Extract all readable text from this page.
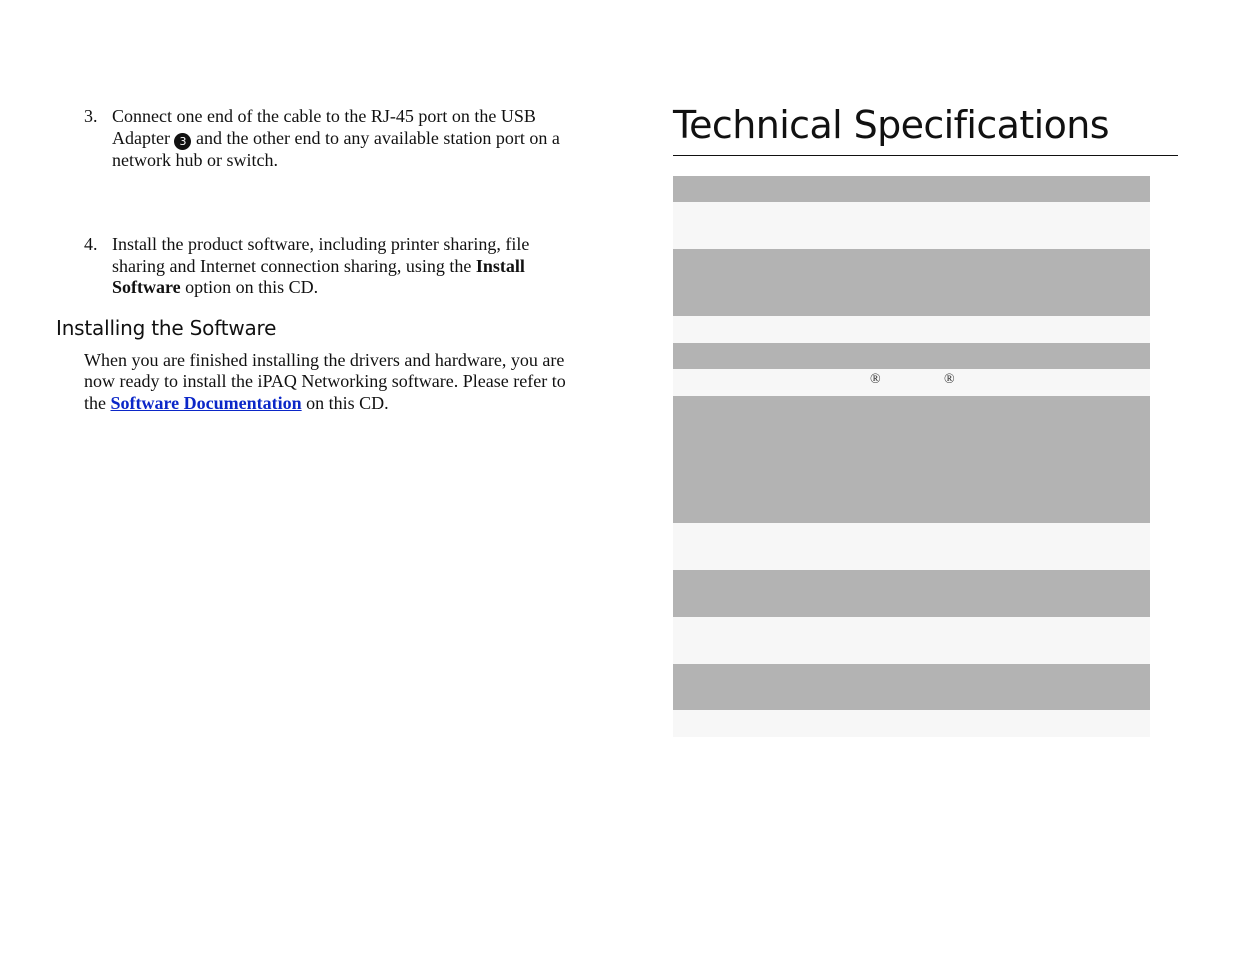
3. Connect one end of the cable to the RJ-45 port on the USB Adapter 3 and the other end to any available station port on a network hub or switch.
4. Install the product software, including printer sharing, file sharing and Internet connection sharing, using the Install Software option on this CD.
Installing the Software

When you are finished installing the drivers and hardware, you are now ready to install the iPAQ Networking software. Please refer to the Software Documentation on this CD.

Technical Specifications
®	®
